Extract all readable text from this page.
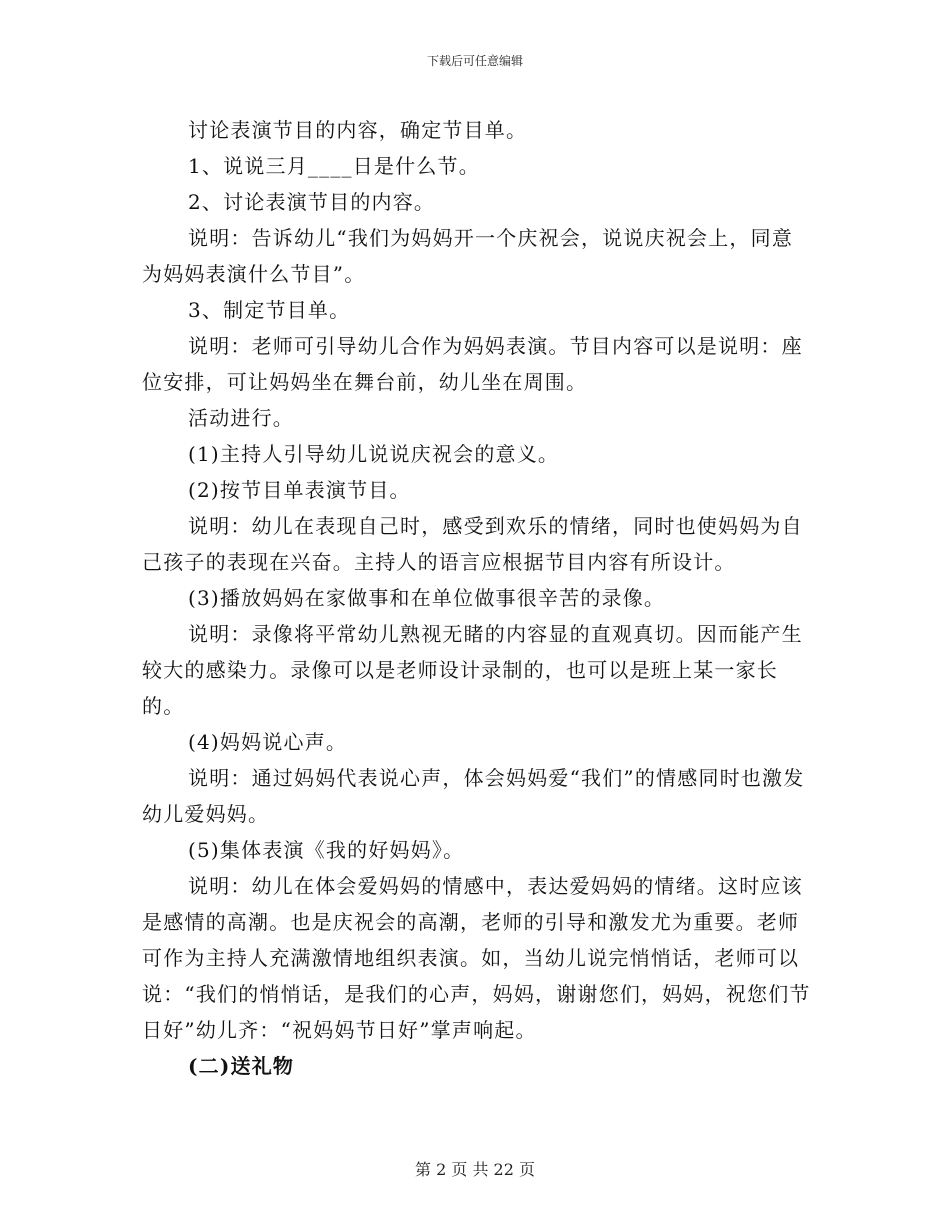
下载后可任意编辑

讨论表演节目的内容，确定节目单。

1、说说三月____日是什么节。

2、讨论表演节目的内容。

说明：告诉幼儿“我们为妈妈开一个庆祝会，说说庆祝会上，同意为妈妈表演什么节目”。

3、制定节目单。

说明：老师可引导幼儿合作为妈妈表演。节目内容可以是说明：座位安排，可让妈妈坐在舞台前，幼儿坐在周围。

活动进行。

(1)主持人引导幼儿说说庆祝会的意义。

(2)按节目单表演节目。

说明：幼儿在表现自己时，感受到欢乐的情绪，同时也使妈妈为自己孩子的表现在兴奋。主持人的语言应根据节目内容有所设计。

(3)播放妈妈在家做事和在单位做事很辛苦的录像。

说明：录像将平常幼儿熟视无睹的内容显的直观真切。因而能产生较大的感染力。录像可以是老师设计录制的，也可以是班上某一家长的。

(4)妈妈说心声。

说明：通过妈妈代表说心声，体会妈妈爱“我们”的情感同时也激发幼儿爱妈妈。

(5)集体表演《我的好妈妈》。

说明：幼儿在体会爱妈妈的情感中，表达爱妈妈的情绪。这时应该是感情的高潮。也是庆祝会的高潮，老师的引导和激发尤为重要。老师可作为主持人充满激情地组织表演。如，当幼儿说完悄悄话，老师可以说：“我们的悄悄话，是我们的心声，妈妈，谢谢您们，妈妈，祝您们节日好”幼儿齐：“祝妈妈节日好”掌声响起。

(二)送礼物

第 2 页 共 22 页
